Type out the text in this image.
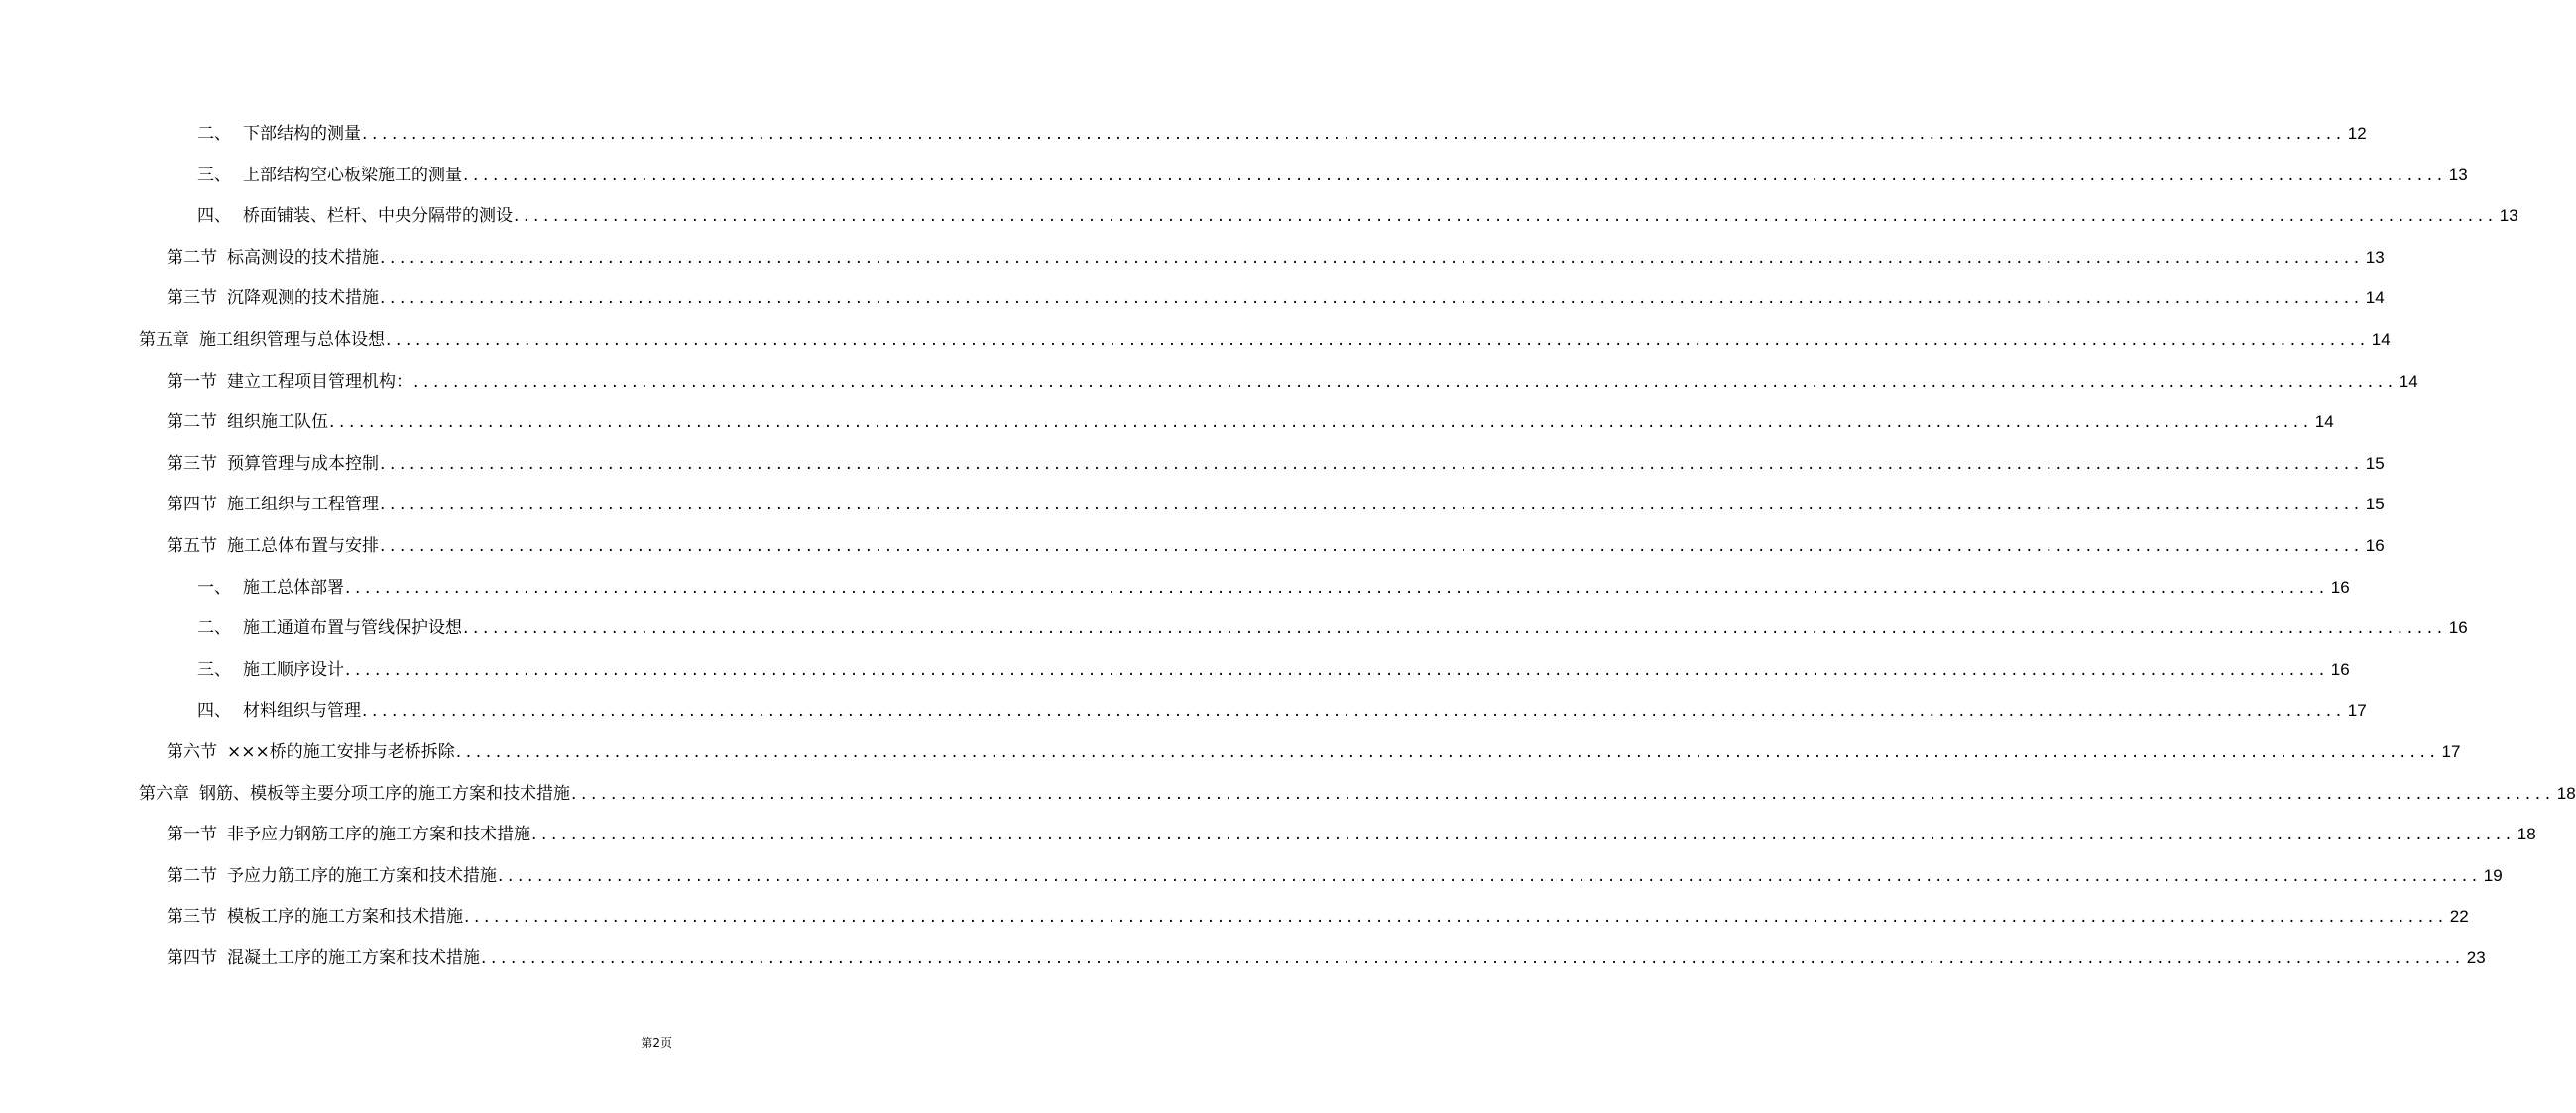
二、 下部结构的测量 ........................................................................................................................................................................................................ 12
三、 上部结构空心板梁施工的测量 ........................................................................................................................................................................................................ 13
四、 桥面铺装、栏杆、中央分隔带的测设 ........................................................................................................................................................................................................ 13
第二节 标高测设的技术措施 ........................................................................................................................................................................................................ 13
第三节 沉降观测的技术措施 ........................................................................................................................................................................................................ 14
第五章 施工组织管理与总体设想 ........................................................................................................................................................................................................ 14
第一节 建立工程项目管理机构： ........................................................................................................................................................................................................ 14
第二节 组织施工队伍 ........................................................................................................................................................................................................ 14
第三节 预算管理与成本控制 ........................................................................................................................................................................................................ 15
第四节 施工组织与工程管理 ........................................................................................................................................................................................................ 15
第五节 施工总体布置与安排 ........................................................................................................................................................................................................ 16
一、 施工总体部署 ........................................................................................................................................................................................................ 16
二、 施工通道布置与管线保护设想 ........................................................................................................................................................................................................ 16
三、 施工顺序设计 ........................................................................................................................................................................................................ 16
四、 材料组织与管理 ........................................................................................................................................................................................................ 17
第六节 ×××桥的施工安排与老桥拆除 ........................................................................................................................................................................................................ 17
第六章 钢筋、模板等主要分项工序的施工方案和技术措施 ........................................................................................................................................................................................................ 18
第一节 非予应力钢筋工序的施工方案和技术措施 ........................................................................................................................................................................................................ 18
第二节 予应力筋工序的施工方案和技术措施 ........................................................................................................................................................................................................ 19
第三节 模板工序的施工方案和技术措施 ........................................................................................................................................................................................................ 22
第四节 混凝土工序的施工方案和技术措施 ........................................................................................................................................................................................................ 23
第2页
